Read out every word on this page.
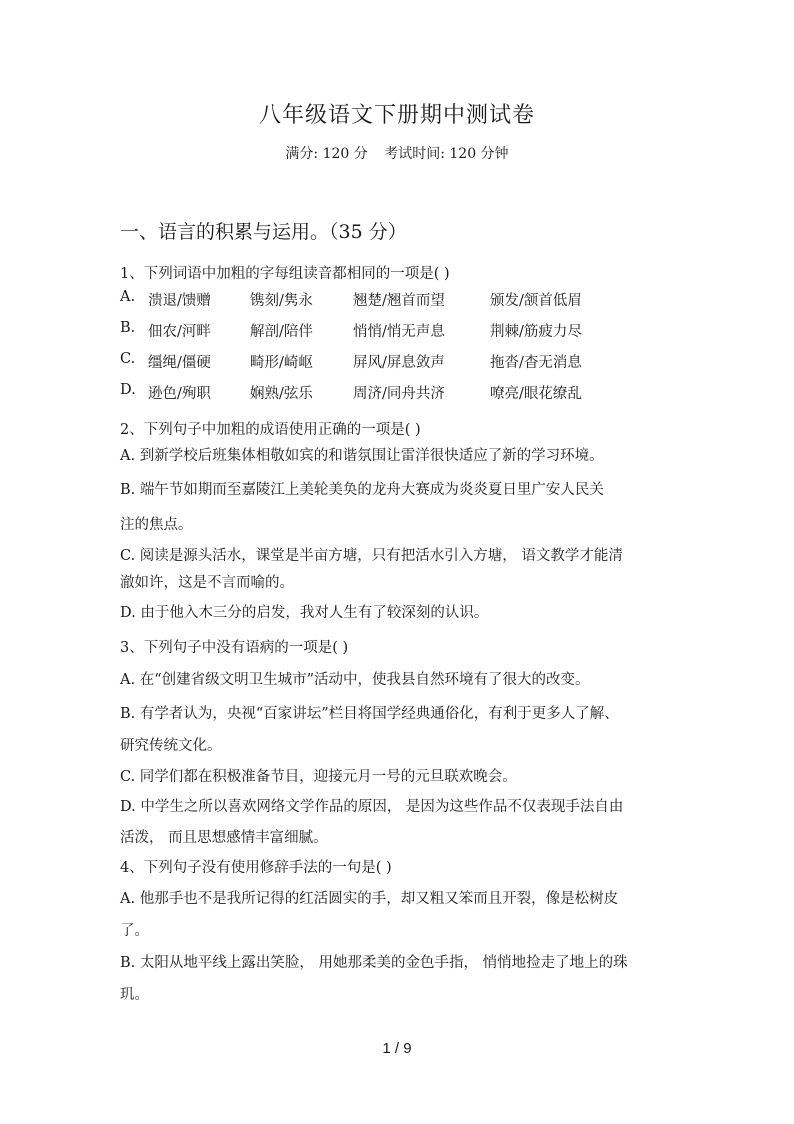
八年级语文下册期中测试卷
满分: 120 分 考试时间: 120 分钟
一、语言的积累与运用。（35 分）
1、下列词语中加粗的字每组读音都相同的一项是( )
A. 溃退/馈赠	镌刻/隽永	翘楚/翘首而望	颁发/颔首低眉
B. 佃农/河畔	解剖/陪伴	悄悄/悄无声息	荆棘/筋疲力尽
C. 缰绳/僵硬	畸形/崎岖	屏风/屏息敛声	拖沓/杳无消息
D. 逊色/殉职	娴熟/弦乐	周济/同舟共济	嘹亮/眼花缭乱
2、下列句子中加粗的成语使用正确的一项是( )
A. 到新学校后班集体相敬如宾的和谐氛围让雷洋很快适应了新的学习环境。
B. 端午节如期而至嘉陵江上美轮美奂的龙舟大赛成为炎炎夏日里广安人民关
注的焦点。
C. 阅读是源头活水，课堂是半亩方塘，只有把活水引入方塘， 语文教学才能清
澈如许，这是不言而喻的。
D. 由于他入木三分的启发，我对人生有了较深刻的认识。
3、下列句子中没有语病的一项是( )
A. 在“创建省级文明卫生城市”活动中，使我县自然环境有了很大的改变。
B. 有学者认为，央视“百家讲坛”栏目将国学经典通俗化，有利于更多人了解、
研究传统文化。
C. 同学们都在积极准备节目，迎接元月一号的元旦联欢晚会。
D. 中学生之所以喜欢网络文学作品的原因， 是因为这些作品不仅表现手法自由
活泼， 而且思想感情丰富细腻。
4、下列句子没有使用修辞手法的一句是( )
A. 他那手也不是我所记得的红活圆实的手，却又粗又笨而且开裂，像是松树皮
了。
B. 太阳从地平线上露出笑脸， 用她那柔美的金色手指， 悄悄地捡走了地上的珠
玑。
1 / 9
